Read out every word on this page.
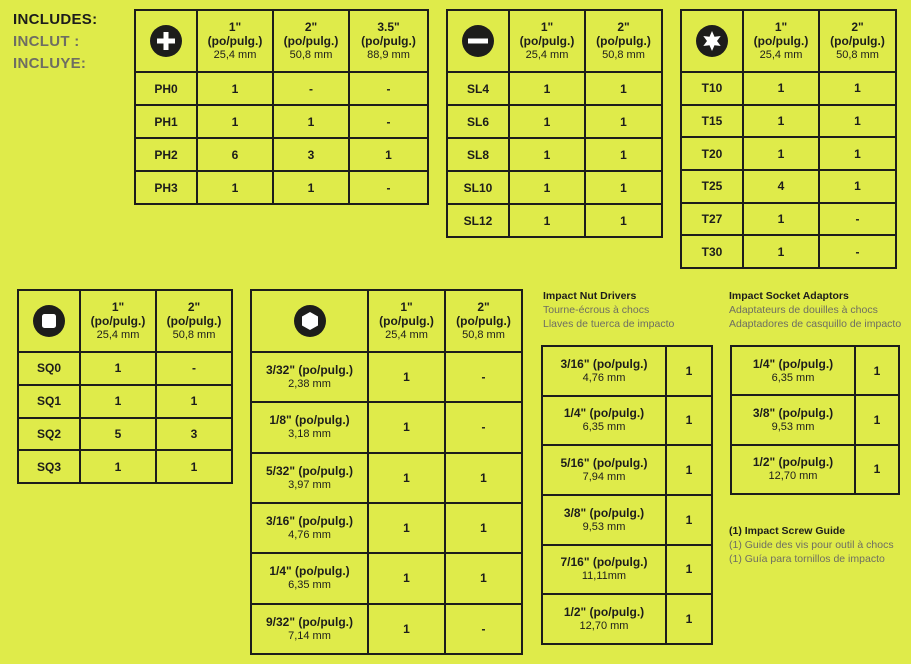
INCLUDES:
INCLUT :
INCLUYE:
	1"
(po/pulg.)
25,4 mm	2"
(po/pulg.)
50,8 mm	3.5"
(po/pulg.)
88,9 mm

PH0	1	-	-
PH1	1	1	-
PH2	6	3	1
PH3	1	1	-
	1"
(po/pulg.)
25,4 mm	2"
(po/pulg.)
50,8 mm

SL4	1	1
SL6	1	1
SL8	1	1
SL10	1	1
SL12	1	1
	1"
(po/pulg.)
25,4 mm	2"
(po/pulg.)
50,8 mm

T10	1	1
T15	1	1
T20	1	1
T25	4	1
T27	1	-
T30	1	-
	1"
(po/pulg.)
25,4 mm	2"
(po/pulg.)
50,8 mm

SQ0	1	-
SQ1	1	1
SQ2	5	3
SQ3	1	1
	1"
(po/pulg.)
25,4 mm	2"
(po/pulg.)
50,8 mm

3/32" (po/pulg.)
2,38 mm	1	-
1/8" (po/pulg.)
3,18 mm	1	-
5/32" (po/pulg.)
3,97 mm	1	1
3/16" (po/pulg.)
4,76 mm	1	1
1/4" (po/pulg.)
6,35 mm	1	1
9/32" (po/pulg.)
7,14 mm	1	-
Impact Nut Drivers
Tourne-écrous à chocs
Llaves de tuerca de impacto
3/16" (po/pulg.)
4,76 mm	1
1/4" (po/pulg.)
6,35 mm	1
5/16" (po/pulg.)
7,94 mm	1
3/8" (po/pulg.)
9,53 mm	1
7/16" (po/pulg.)
11,11mm	1
1/2" (po/pulg.)
12,70 mm	1
Impact Socket Adaptors
Adaptateurs de douilles à chocs
Adaptadores de casquillo de impacto
1/4" (po/pulg.)
6,35 mm	1
3/8" (po/pulg.)
9,53 mm	1
1/2" (po/pulg.)
12,70 mm	1
(1) Impact Screw Guide
(1) Guide des vis pour outil à chocs
(1) Guía para tornillos de impacto
